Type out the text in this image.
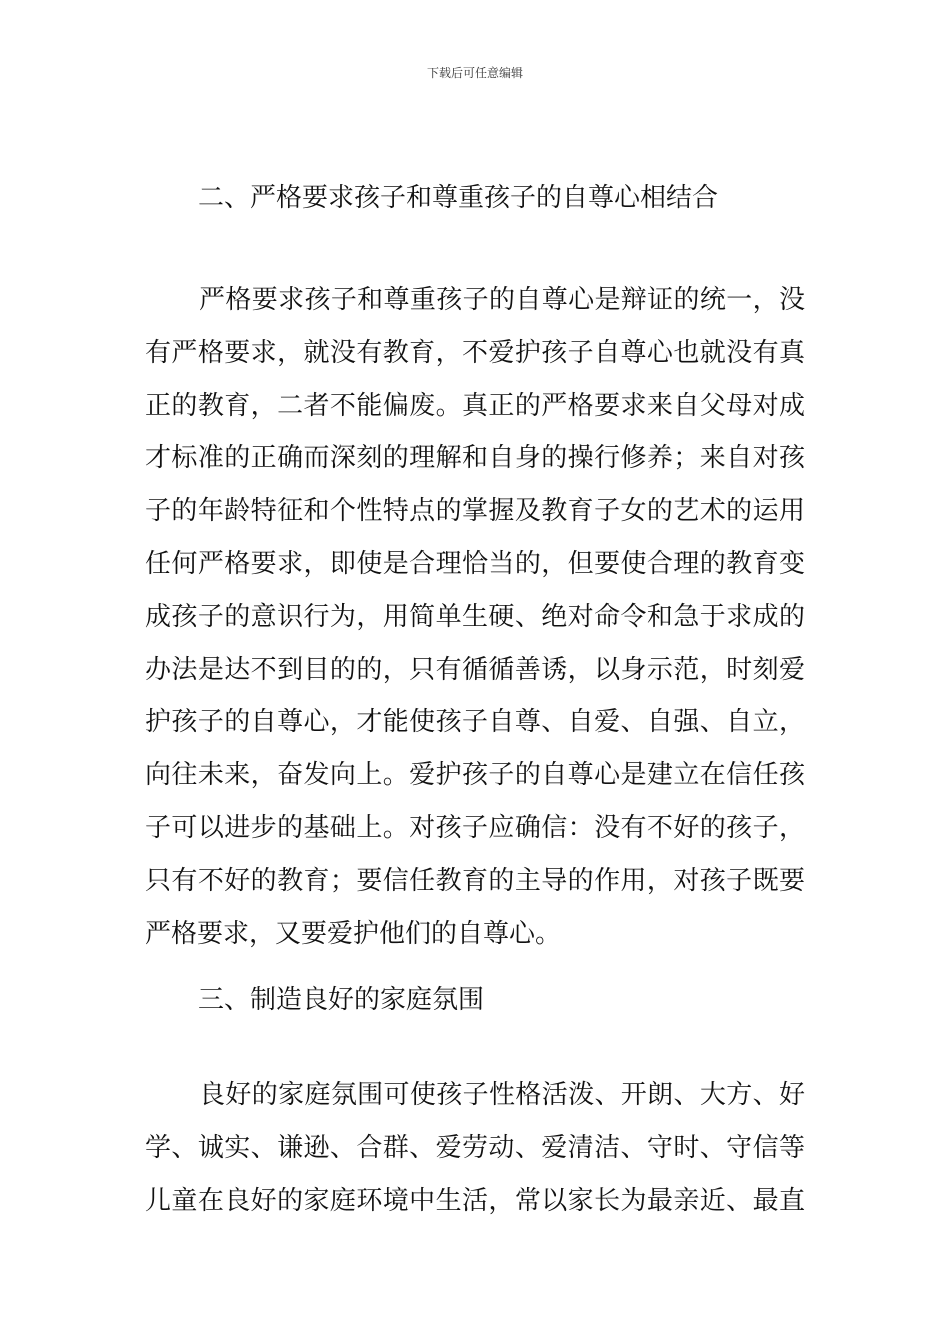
下载后可任意编辑
二、严格要求孩子和尊重孩子的自尊心相结合
严格要求孩子和尊重孩子的自尊心是辩证的统一，没
有严格要求，就没有教育，不爱护孩子自尊心也就没有真
正的教育，二者不能偏废。真正的严格要求来自父母对成
才标准的正确而深刻的理解和自身的操行修养；来自对孩
子的年龄特征和个性特点的掌握及教育子女的艺术的运用
任何严格要求，即使是合理恰当的，但要使合理的教育变
成孩子的意识行为，用简单生硬、绝对命令和急于求成的
办法是达不到目的的，只有循循善诱，以身示范，时刻爱
护孩子的自尊心，才能使孩子自尊、自爱、自强、自立，
向往未来，奋发向上。爱护孩子的自尊心是建立在信任孩
子可以进步的基础上。对孩子应确信：没有不好的孩子，
只有不好的教育；要信任教育的主导的作用，对孩子既要
严格要求，又要爱护他们的自尊心。
三、制造良好的家庭氛围
良好的家庭氛围可使孩子性格活泼、开朗、大方、好
学、诚实、谦逊、合群、爱劳动、爱清洁、守时、守信等
儿童在良好的家庭环境中生活，常以家长为最亲近、最直
